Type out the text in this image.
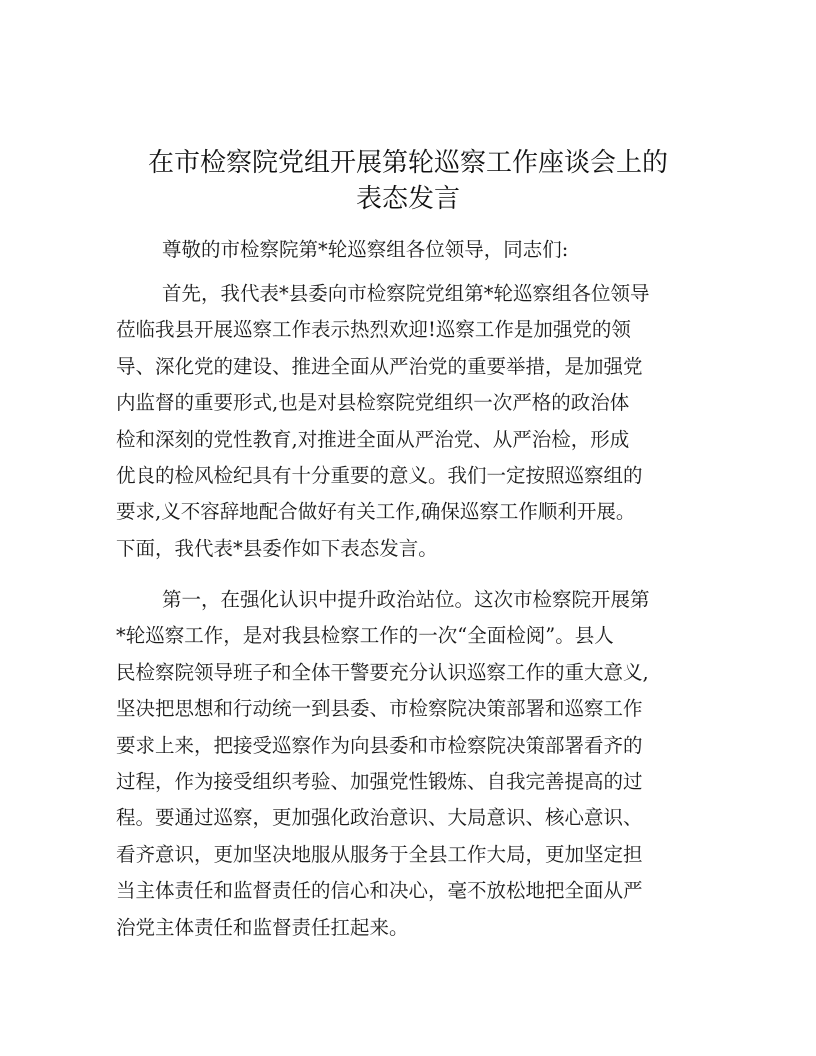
在市检察院党组开展第轮巡察工作座谈会上的
表态发言
尊敬的市检察院第*轮巡察组各位领导，同志们:
首先，我代表*县委向市检察院党组第*轮巡察组各位领导
莅临我县开展巡察工作表示热烈欢迎!巡察工作是加强党的领
导、深化党的建设、推进全面从严治党的重要举措，是加强党
内监督的重要形式,也是对县检察院党组织一次严格的政治体
检和深刻的党性教育,对推进全面从严治党、从严治检，形成
优良的检风检纪具有十分重要的意义。我们一定按照巡察组的
要求,义不容辞地配合做好有关工作,确保巡察工作顺利开展。
下面，我代表*县委作如下表态发言。
第一，在强化认识中提升政治站位。这次市检察院开展第
*轮巡察工作，是对我县检察工作的一次“全面检阅”。县人
民检察院领导班子和全体干警要充分认识巡察工作的重大意义,
坚决把思想和行动统一到县委、市检察院决策部署和巡察工作
要求上来，把接受巡察作为向县委和市检察院决策部署看齐的
过程，作为接受组织考验、加强党性锻炼、自我完善提高的过
程。要通过巡察，更加强化政治意识、大局意识、核心意识、
看齐意识，更加坚决地服从服务于全县工作大局，更加坚定担
当主体责任和监督责任的信心和决心，毫不放松地把全面从严
治党主体责任和监督责任扛起来。
